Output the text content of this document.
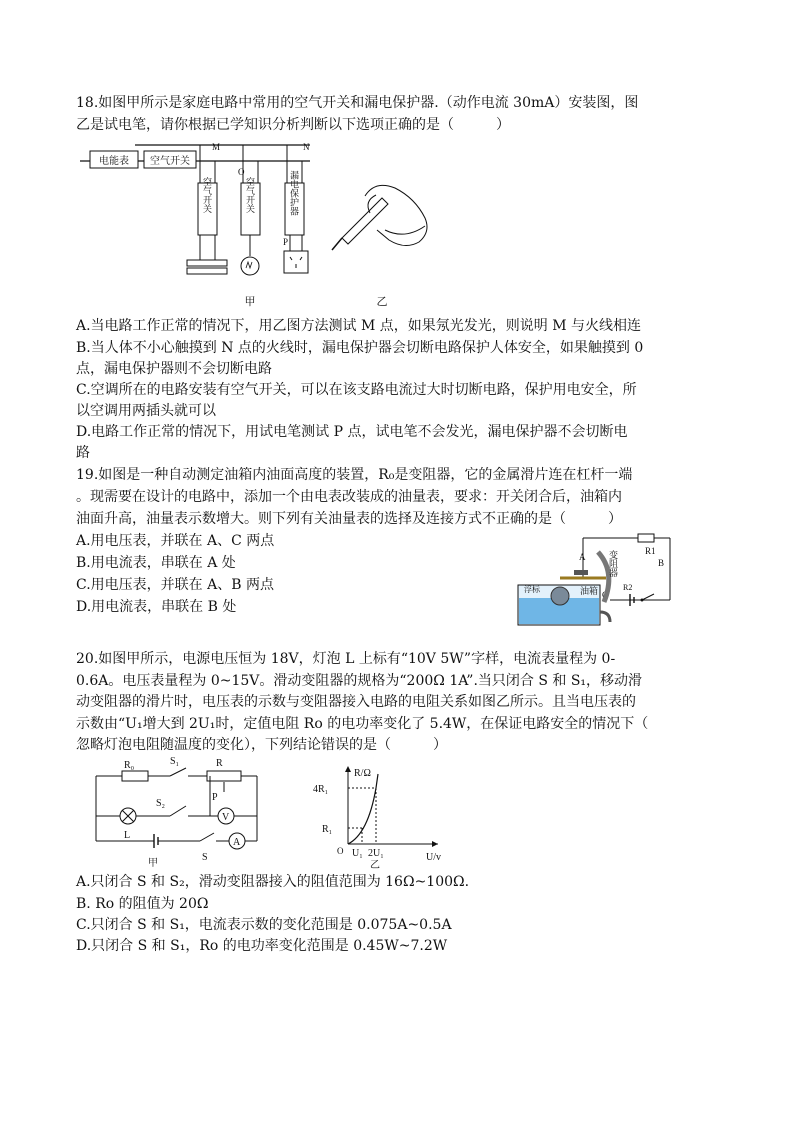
18.如图甲所示是家庭电路中常用的空气开关和漏电保护器.（动作电流 30mA）安装图，图
乙是试电笔，请你根据已学知识分析判断以下选项正确的是（　　　）
电能表 空气开关
M	N
空气开关
O
空气开关	漏电保护器
P
甲	乙
A.当电路工作正常的情况下，用乙图方法测试 M 点，如果氖光发光，则说明 M 与火线相连
B.当人体不小心触摸到 N 点的火线时，漏电保护器会切断电路保护人体安全，如果触摸到 0
点，漏电保护器则不会切断电路
C.空调所在的电路安装有空气开关，可以在该支路电流过大时切断电路，保护用电安全，所
以空调用两插头就可以
D.电路工作正常的情况下，用试电笔测试 P 点，试电笔不会发光，漏电保护器不会切断电
路
19.如图是一种自动测定油箱内油面高度的装置，R₀是变阻器，它的金属滑片连在杠杆一端
。现需要在设计的电路中，添加一个由电表改装成的油量表，要求：开关闭合后，油箱内
油面升高，油量表示数增大。则下列有关油量表的选择及连接方式不正确的是（　　　）
A.用电压表，并联在 A、C 两点
B.用电流表，串联在 A 处
C.用电压表，并联在 A、B 两点
D.用电流表，串联在 B 处
R1
B
A
C
变阻器
R2
浮标	油箱
20.如图甲所示，电源电压恒为 18V，灯泡 L 上标有“10V 5W”字样，电流表量程为 0-
0.6A。电压表量程为 0~15V。滑动变阻器的规格为“200Ω 1A”.当只闭合 S 和 S₁，移动滑
动变阻器的滑片时，电压表的示数与变阻器接入电路的电阻关系如图乙所示。且当电压表的
示数由“U₁增大到 2U₁时，定值电阻 Ro 的电功率变化了 5.4W，在保证电路安全的情况下（
忽略灯泡电阻随温度的变化），下列结论错误的是（　　　）
R₀	S₁	R
P
L
S₂
V
S
A
甲
R/Ω
4R₁
R₁
O U₁ 2U₁	U/v
乙
A.只闭合 S 和 S₂，滑动变阻器接入的阻值范围为 16Ω~100Ω.
B. Ro 的阻值为 20Ω
C.只闭合 S 和 S₁，电流表示数的变化范围是 0.075A~0.5A
D.只闭合 S 和 S₁，Ro 的电功率变化范围是 0.45W~7.2W
